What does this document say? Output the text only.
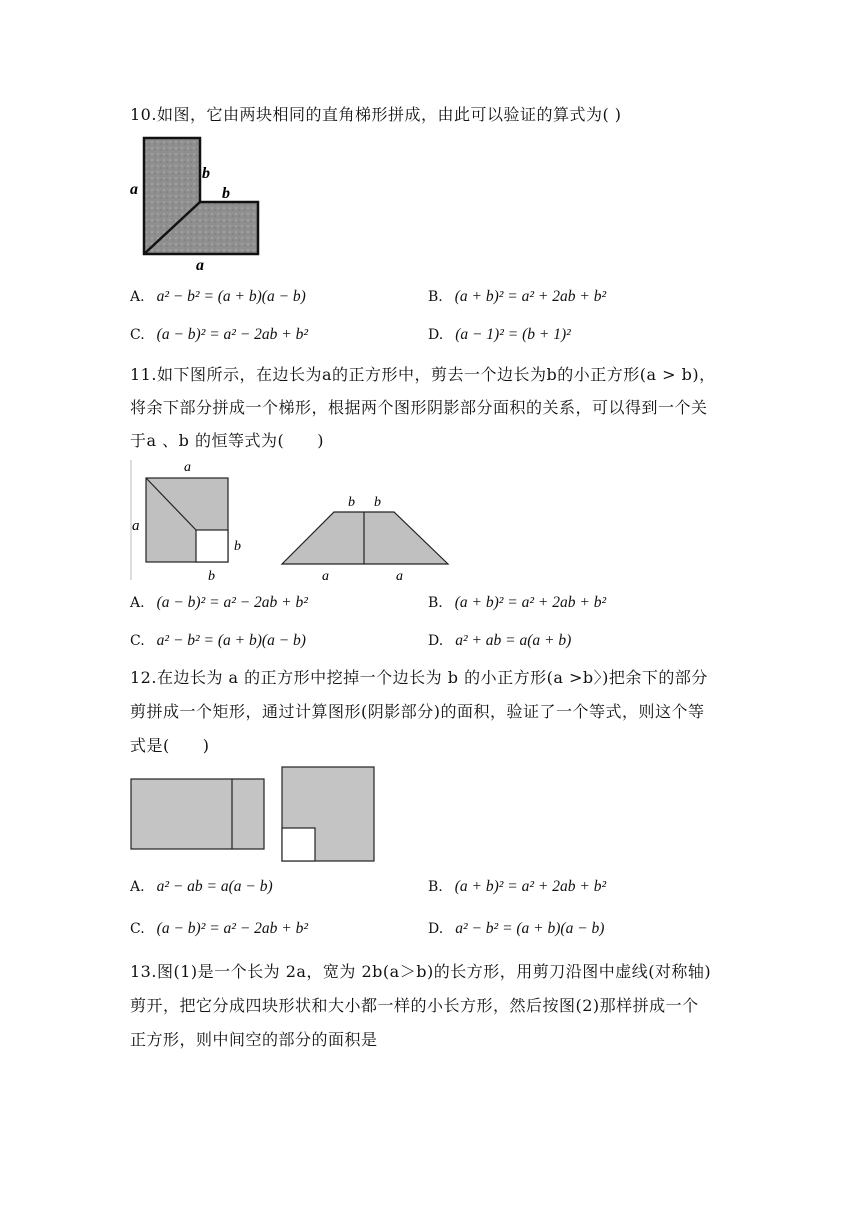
10.如图，它由两块相同的直角梯形拼成，由此可以验证的算式为( )
a
b
b
a
A. a² − b² = (a + b)(a − b)	B. (a + b)² = a² + 2ab + b²
C. (a − b)² = a² − 2ab + b²	D. (a − 1)² = (b + 1)²
11.如下图所示，在边长为a的正方形中，剪去一个边长为b的小正方形(a > b)，
将余下部分拼成一个梯形，根据两个图形阴影部分面积的关系，可以得到一个关
于a 、b 的恒等式为(　　)
a
a
b
b
b b
a	a
A. (a − b)² = a² − 2ab + b²	B. (a + b)² = a² + 2ab + b²
C. a² − b² = (a + b)(a − b)	D. a² + ab = a(a + b)
12.在边长为 a 的正方形中挖掉一个边长为 b 的小正方形(a >b〉)把余下的部分
剪拼成一个矩形，通过计算图形(阴影部分)的面积，验证了一个等式，则这个等
式是(　　)
A. a² − ab = a(a − b)	B. (a + b)² = a² + 2ab + b²
C. (a − b)² = a² − 2ab + b²	D. a² − b² = (a + b)(a − b)
13.图(1)是一个长为 2a，宽为 2b(a＞b)的长方形，用剪刀沿图中虚线(对称轴)
剪开，把它分成四块形状和大小都一样的小长方形，然后按图(2)那样拼成一个
正方形，则中间空的部分的面积是
